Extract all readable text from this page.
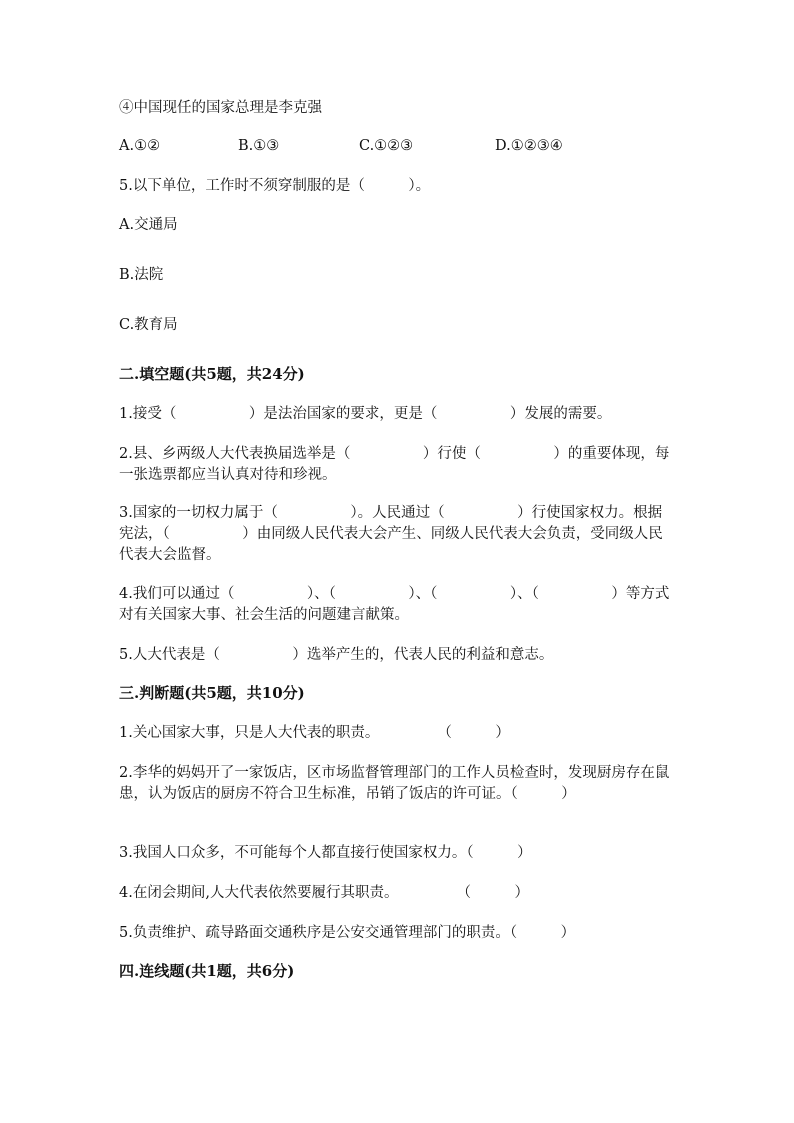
④中国现任的国家总理是李克强
A.①②	B.①③	C.①②③	D.①②③④
5.以下单位，工作时不须穿制服的是（　　　）。
A.交通局
B.法院
C.教育局
二.填空题(共5题，共24分)
1.接受（　　　　　）是法治国家的要求，更是（　　　　　）发展的需要。
2.县、乡两级人大代表换届选举是（　　　　　）行使（　　　　　）的重要体现，每一张选票都应当认真对待和珍视。
3.国家的一切权力属于（　　　　　）。人民通过（　　　　　）行使国家权力。根据宪法，（　　　　　）由同级人民代表大会产生、同级人民代表大会负责，受同级人民代表大会监督。
4.我们可以通过（　　　　　）、（　　　　　）、（　　　　　）、（　　　　　）等方式对有关国家大事、社会生活的问题建言献策。
5.人大代表是（　　　　　）选举产生的，代表人民的利益和意志。
三.判断题(共5题，共10分)
1.关心国家大事，只是人大代表的职责。　　　　　（　　　）
2.李华的妈妈开了一家饭店，区市场监督管理部门的工作人员检查时，发现厨房存在鼠患，认为饭店的厨房不符合卫生标准，吊销了饭店的许可证。（　　　）
3.我国人口众多，不可能每个人都直接行使国家权力。（　　　）
4.在闭会期间,人大代表依然要履行其职责。　　　　　（　　　）
5.负责维护、疏导路面交通秩序是公安交通管理部门的职责。（　　　）
四.连线题(共1题，共6分)
